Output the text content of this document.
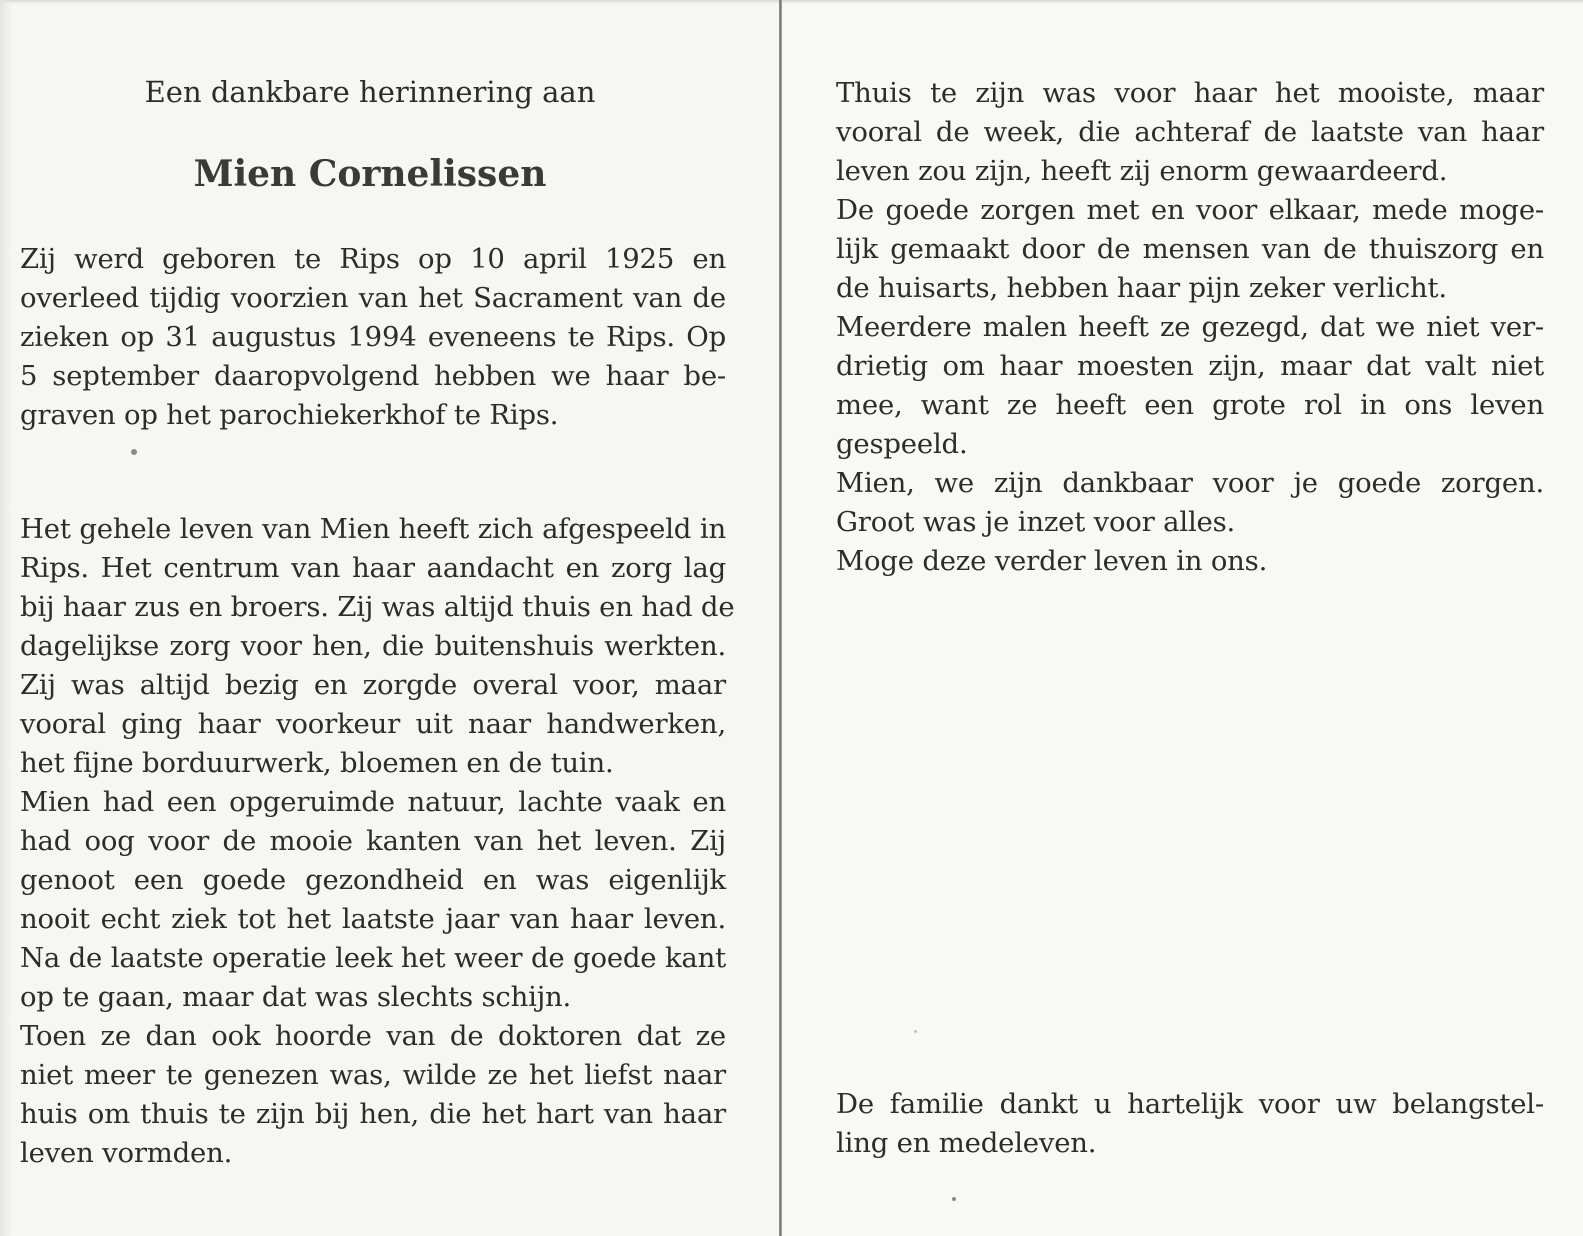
Een dankbare herinnering aan
Mien Cornelissen
Zij werd geboren te Rips op 10 april 1925 en
overleed tijdig voorzien van het Sacrament van de
zieken op 31 augustus 1994 eveneens te Rips. Op
5 september daaropvolgend hebben we haar be-
graven op het parochiekerkhof te Rips.
Het gehele leven van Mien heeft zich afgespeeld in
Rips. Het centrum van haar aandacht en zorg lag
bij haar zus en broers. Zij was altijd thuis en had de
dagelijkse zorg voor hen, die buitenshuis werkten.
Zij was altijd bezig en zorgde overal voor, maar
vooral ging haar voorkeur uit naar handwerken,
het fijne borduurwerk, bloemen en de tuin.
Mien had een opgeruimde natuur, lachte vaak en
had oog voor de mooie kanten van het leven. Zij
genoot een goede gezondheid en was eigenlijk
nooit echt ziek tot het laatste jaar van haar leven.
Na de laatste operatie leek het weer de goede kant
op te gaan, maar dat was slechts schijn.
Toen ze dan ook hoorde van de doktoren dat ze
niet meer te genezen was, wilde ze het liefst naar
huis om thuis te zijn bij hen, die het hart van haar
leven vormden.
Thuis te zijn was voor haar het mooiste, maar
vooral de week, die achteraf de laatste van haar
leven zou zijn, heeft zij enorm gewaardeerd.
De goede zorgen met en voor elkaar, mede moge-
lijk gemaakt door de mensen van de thuiszorg en
de huisarts, hebben haar pijn zeker verlicht.
Meerdere malen heeft ze gezegd, dat we niet ver-
drietig om haar moesten zijn, maar dat valt niet
mee, want ze heeft een grote rol in ons leven
gespeeld.
Mien, we zijn dankbaar voor je goede zorgen.
Groot was je inzet voor alles.
Moge deze verder leven in ons.
De familie dankt u hartelijk voor uw belangstel-
ling en medeleven.
